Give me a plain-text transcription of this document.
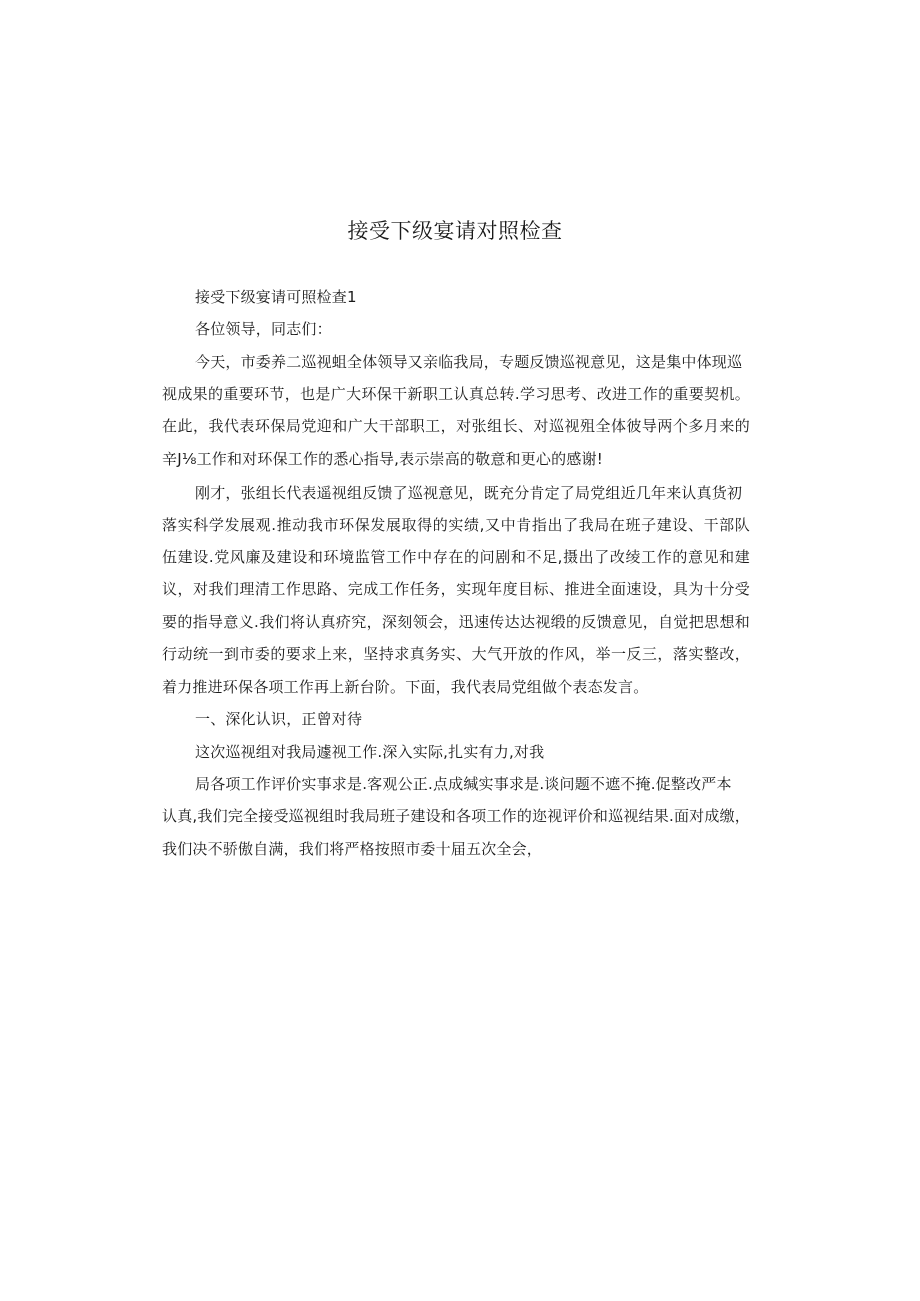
接受下级宴请对照检查
接受下级宴请可照检查1
各位领导，同志们：
今天，市委养二巡视蛆全体领导又亲临我局，专题反馈巡视意见，这是集中体现巡
视成果的重要环节，也是广大环保干新职工认真总转.学习思考、改进工作的重要契机。
在此，我代表环保局党迎和广大干部职工，对张组长、对巡视殂全体彼导两个多月来的
辛J⅛工作和对环保工作的悉心指导,表示崇高的敬意和更心的感谢!
刚才，张组长代表遥视组反馈了巡视意见，既充分肯定了局党组近几年来认真货初
落实科学发展观.推动我市环保发展取得的实绩,又中肯指出了我局在班子建设、干部队
伍建设.党风廉及建设和环境监管工作中存在的问剧和不足,摄出了改绫工作的意见和建
议，对我们理清工作思路、完成工作任务，实现年度目标、推进全面速设，具为十分受
要的指导意义.我们将认真疥究，深刻领会，迅速传达达视缎的反馈意见，自觉把思想和
行动统一到市委的要求上来，坚持求真务实、大气开放的作风，举一反三，落实整改，
着力推进环保各项工作再上新台阶。下面，我代表局党组做个表态发言。
一、深化认识，正曾对待
这次巡视组对我局遽视工作.深入实际,扎实有力,对我
局各项工作评价实事求是.客观公正.点成缄实事求是.谈问题不遮不掩.促整改严本
认真,我们完全接受巡视组时我局班子建设和各项工作的迩视评价和巡视结果.面对成缴，
我们决不骄傲自满，我们将严格按照市委十届五次全会，
